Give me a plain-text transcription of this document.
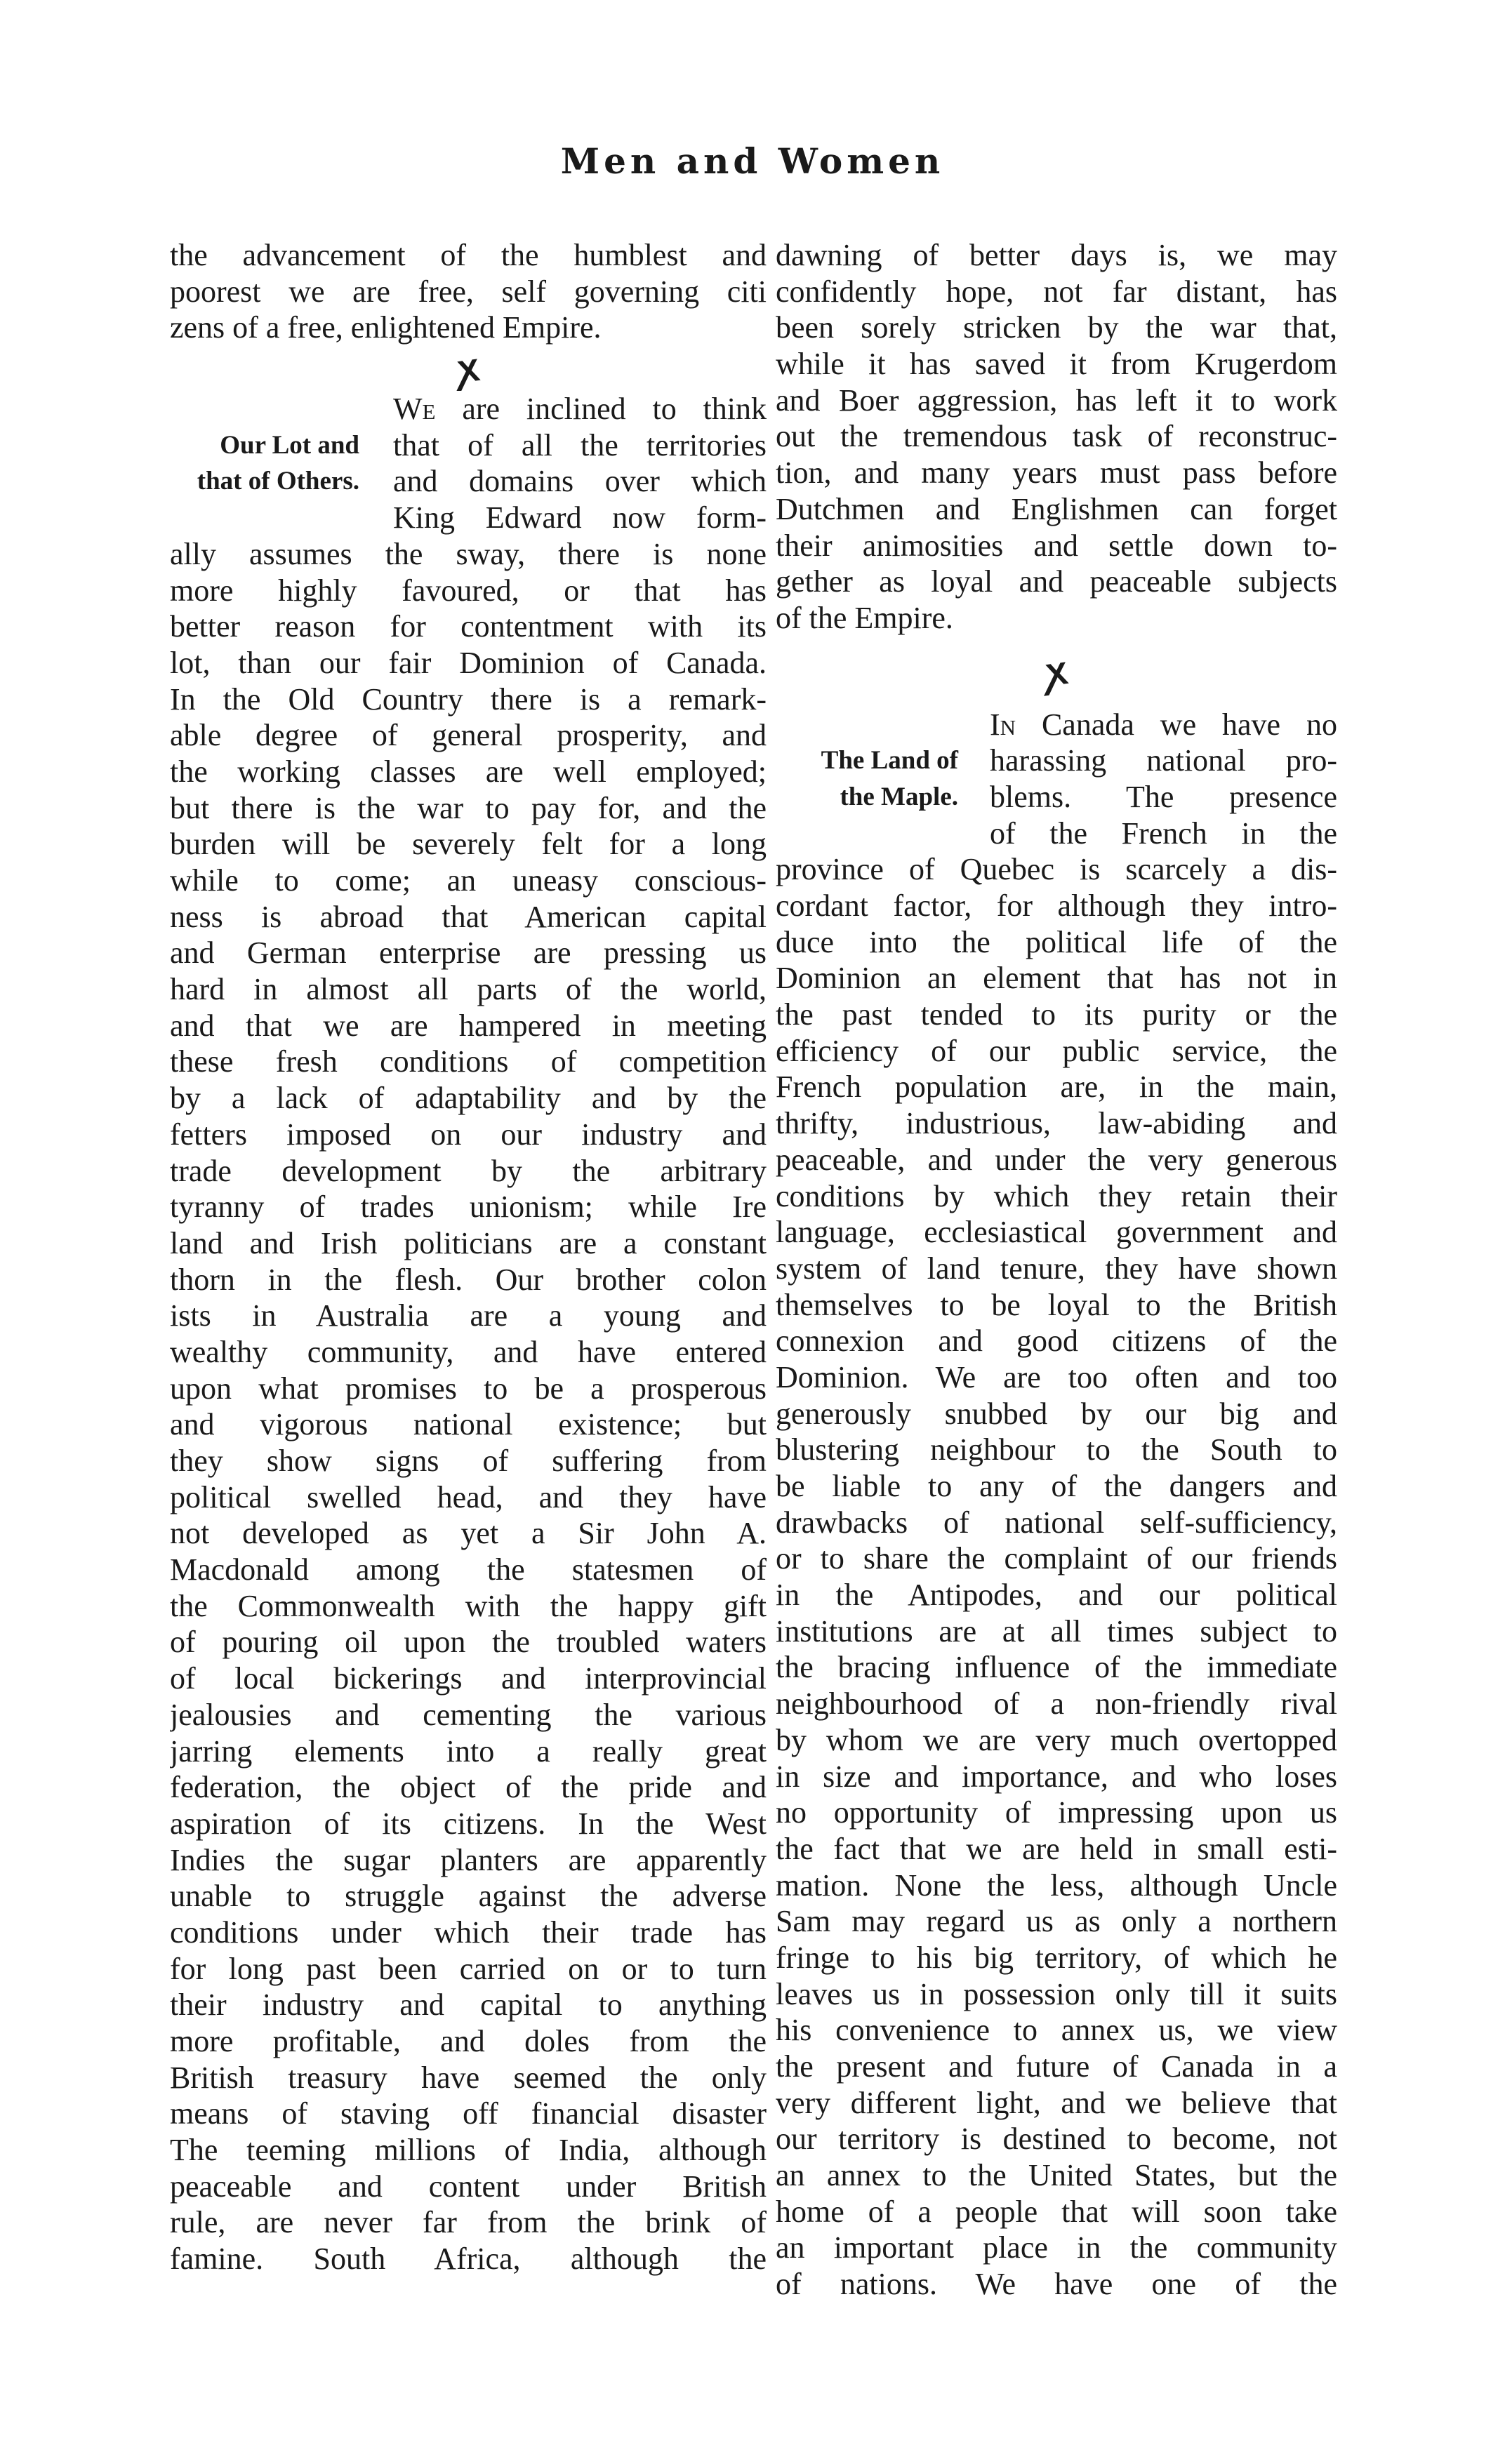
Men and Women
the advancement of the humblest and
poorest we are free, self governing citi
zens of a free, enlightened Empire.
ꭗ
Our Lot and
that of Others.
We are inclined to think
that of all the territories
and domains over which
King Edward now form-
ally assumes the sway, there is none
more highly favoured, or that has
better reason for contentment with its
lot, than our fair Dominion of Canada.
In the Old Country there is a remark-
able degree of general prosperity, and
the working classes are well employed;
but there is the war to pay for, and the
burden will be severely felt for a long
while to come; an uneasy conscious-
ness is abroad that American capital
and German enterprise are pressing us
hard in almost all parts of the world,
and that we are hampered in meeting
these fresh conditions of competition
by a lack of adaptability and by the
fetters imposed on our industry and
trade development by the arbitrary
tyranny of trades unionism; while Ire
land and Irish politicians are a constant
thorn in the flesh. Our brother colon
ists in Australia are a young and
wealthy community, and have entered
upon what promises to be a prosperous
and vigorous national existence; but
they show signs of suffering from
political swelled head, and they have
not developed as yet a Sir John A.
Macdonald among the statesmen of
the Commonwealth with the happy gift
of pouring oil upon the troubled waters
of local bickerings and interprovincial
jealousies and cementing the various
jarring elements into a really great
federation, the object of the pride and
aspiration of its citizens. In the West
Indies the sugar planters are apparently
unable to struggle against the adverse
conditions under which their trade has
for long past been carried on or to turn
their industry and capital to anything
more profitable, and doles from the
British treasury have seemed the only
means of staving off financial disaster
The teeming millions of India, although
peaceable and content under British
rule, are never far from the brink of
famine. South Africa, although the
dawning of better days is, we may
confidently hope, not far distant, has
been sorely stricken by the war that,
while it has saved it from Krugerdom
and Boer aggression, has left it to work
out the tremendous task of reconstruc-
tion, and many years must pass before
Dutchmen and Englishmen can forget
their animosities and settle down to-
gether as loyal and peaceable subjects
of the Empire.
ꭗ
The Land of
the Maple.
In Canada we have no
harassing national pro-
blems. The presence
of the French in the
province of Quebec is scarcely a dis-
cordant factor, for although they intro-
duce into the political life of the
Dominion an element that has not in
the past tended to its purity or the
efficiency of our public service, the
French population are, in the main,
thrifty, industrious, law-abiding and
peaceable, and under the very generous
conditions by which they retain their
language, ecclesiastical government and
system of land tenure, they have shown
themselves to be loyal to the British
connexion and good citizens of the
Dominion. We are too often and too
generously snubbed by our big and
blustering neighbour to the South to
be liable to any of the dangers and
drawbacks of national self-sufficiency,
or to share the complaint of our friends
in the Antipodes, and our political
institutions are at all times subject to
the bracing influence of the immediate
neighbourhood of a non-friendly rival
by whom we are very much overtopped
in size and importance, and who loses
no opportunity of impressing upon us
the fact that we are held in small esti-
mation. None the less, although Uncle
Sam may regard us as only a northern
fringe to his big territory, of which he
leaves us in possession only till it suits
his convenience to annex us, we view
the present and future of Canada in a
very different light, and we believe that
our territory is destined to become, not
an annex to the United States, but the
home of a people that will soon take
an important place in the community
of nations. We have one of the
